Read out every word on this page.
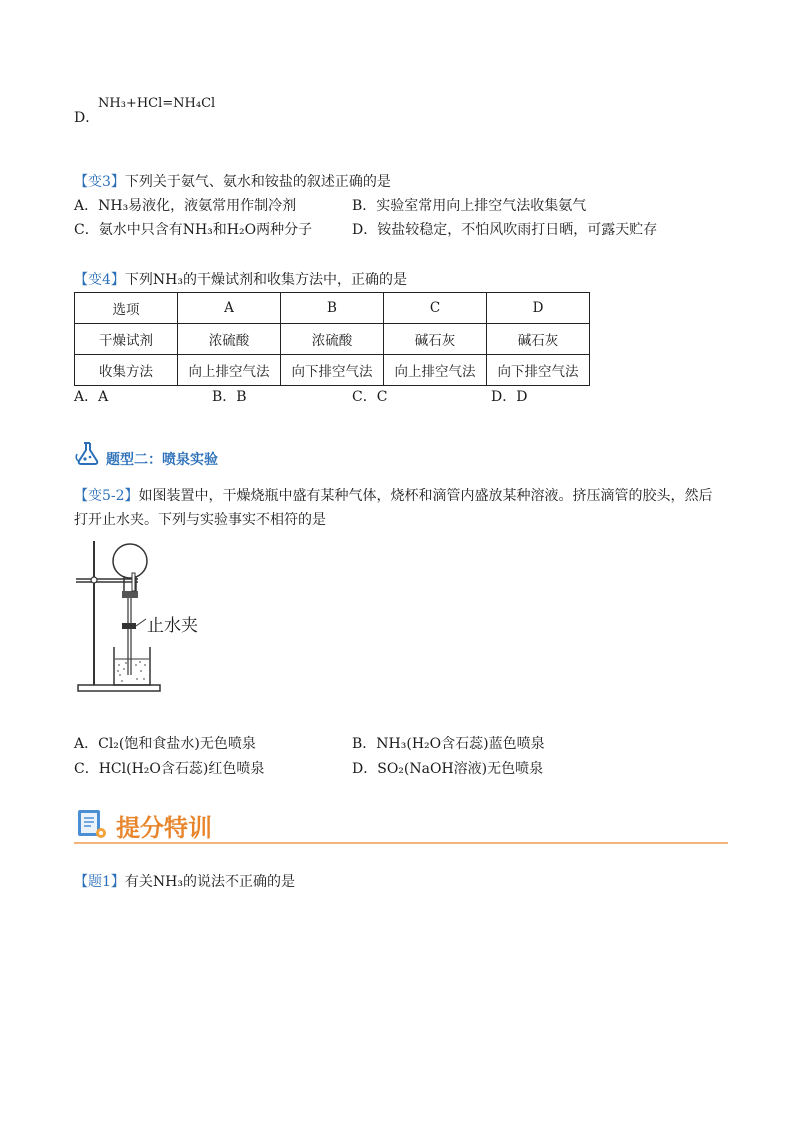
D．
NH₃+HCl=NH₄Cl
【变3】下列关于氨气、氨水和铵盐的叙述正确的是
A．NH₃易液化，液氨常用作制冷剂	B．实验室常用向上排空气法收集氨气
C．氨水中只含有NH₃和H₂O两种分子	D．铵盐较稳定，不怕风吹雨打日晒，可露天贮存
【变4】下列NH₃的干燥试剂和收集方法中，正确的是
选项	A	B	C	D
干燥试剂	浓硫酸	浓硫酸	碱石灰	碱石灰
收集方法	向上排空气法	向下排空气法	向上排空气法	向下排空气法
A．A	B．B	C．C	D．D
题型二：喷泉实验
【变5-2】如图装置中，干燥烧瓶中盛有某种气体，烧杯和滴管内盛放某种溶液。挤压滴管的胶头，然后
打开止水夹。下列与实验事实不相符的是
止水夹
A．Cl₂(饱和食盐水)无色喷泉	B．NH₃(H₂O含石蕊)蓝色喷泉
C．HCl(H₂O含石蕊)红色喷泉	D．SO₂(NaOH溶液)无色喷泉
提分特训
【题1】有关NH₃的说法不正确的是
